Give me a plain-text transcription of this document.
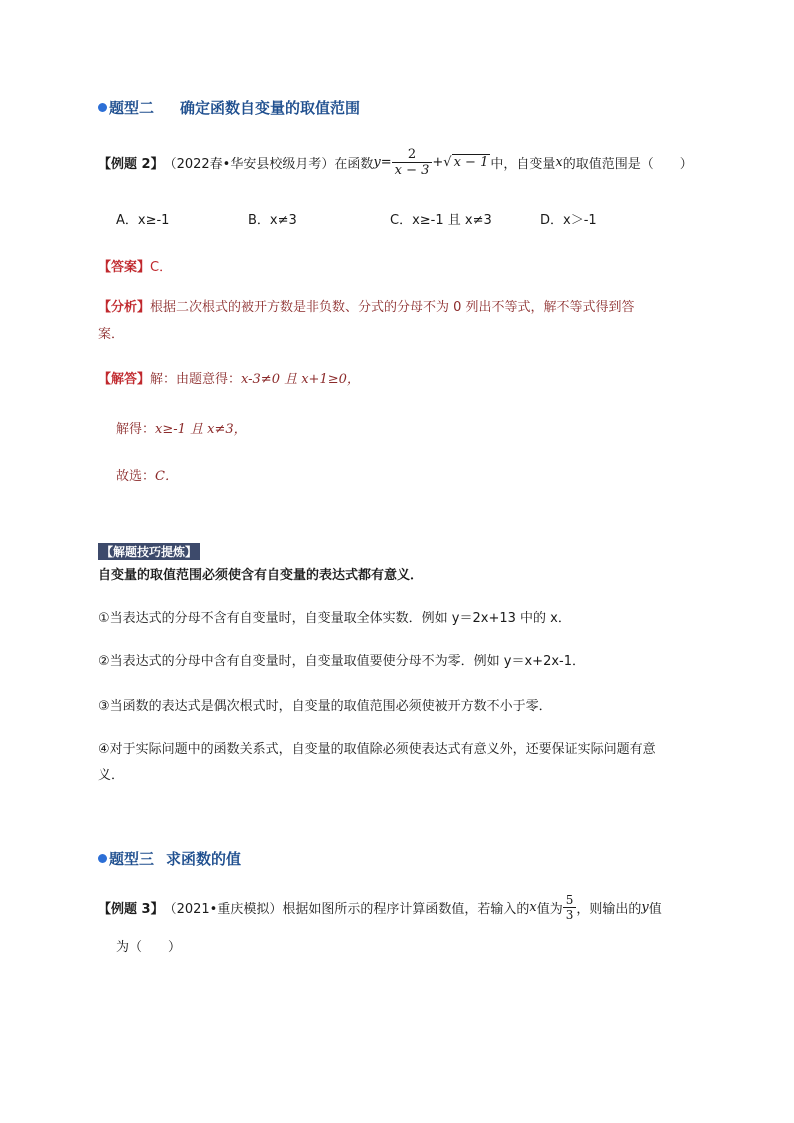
题型二 确定函数自变量的取值范围
【例题 2】 （2022春•华安县校级月考） 在函数 $y = \frac{2}{x - 3}$ + √ x − 1 中，自变量 x 的取值范围是（　　）
A．x≥-1	B．x≠3	C．x≥-1 且 x≠3	D．x＞-1
【答案】C．
【分析】根据二次根式的被开方数是非负数、分式的分母不为 0 列出不等式，解不等式得到答
案．
【解答】解：由题意得：x-3≠0 且 x+1≥0，
解得：x≥-1 且 x≠3，
故选：C．
【解题技巧提炼】
自变量的取值范围必须使含有自变量的表达式都有意义．
①当表达式的分母不含有自变量时，自变量取全体实数．例如 y＝2x+13 中的 x．
②当表达式的分母中含有自变量时，自变量取值要使分母不为零．例如 y＝x+2x-1．
③当函数的表达式是偶次根式时，自变量的取值范围必须使被开方数不小于零．
④对于实际问题中的函数关系式，自变量的取值除必须使表达式有意义外，还要保证实际问题有意
义．
题型三 求函数的值
【例题 3】 （2021•重庆模拟） 根据如图所示的程序计算函数值，若输入的 x 值为 $\frac{5}{3}$ ，则输出的 y 值
为（　　）
